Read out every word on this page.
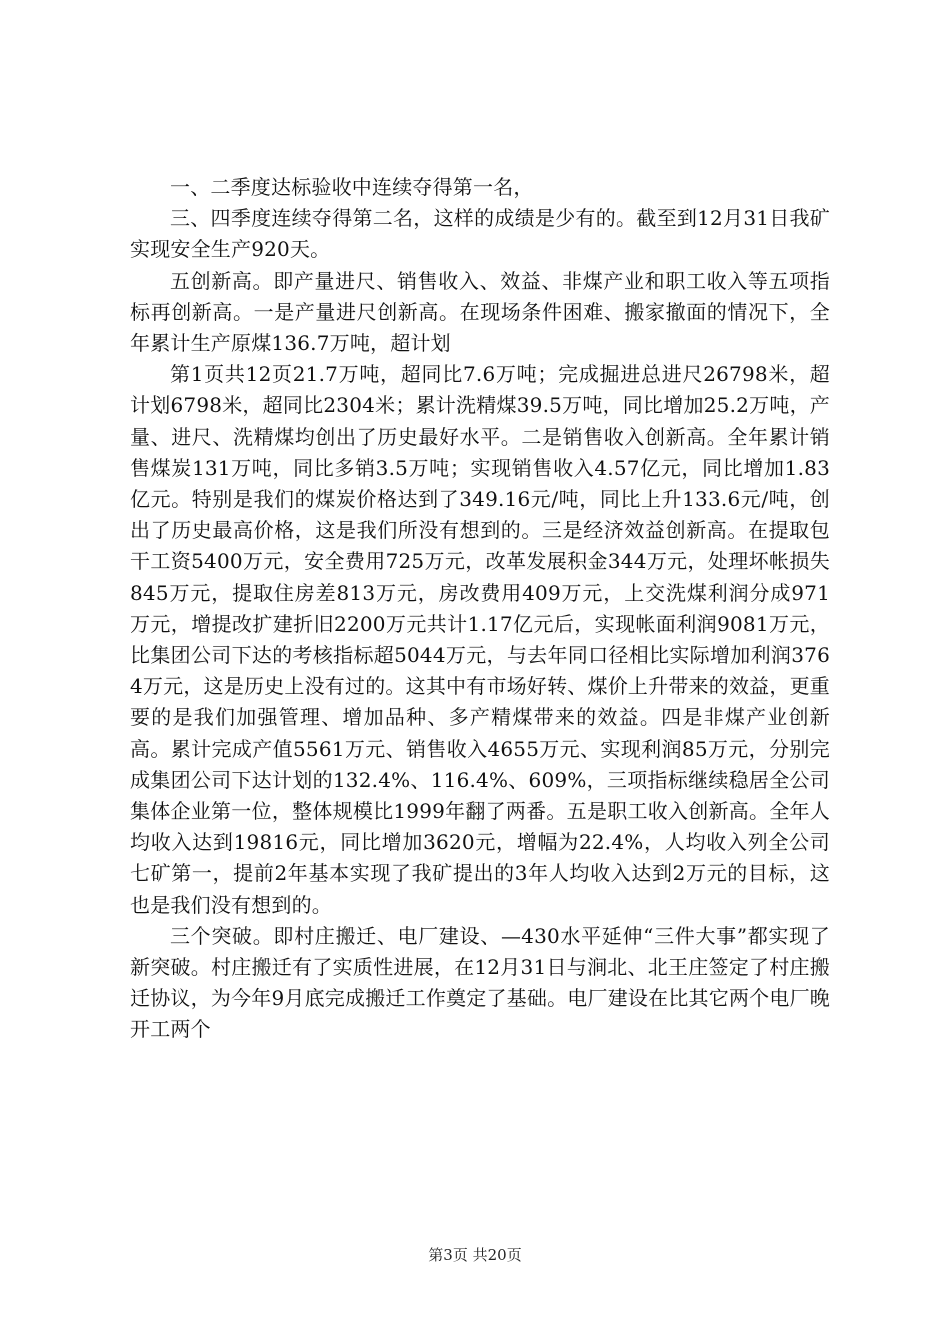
一、二季度达标验收中连续夺得第一名，

三、四季度连续夺得第二名，这样的成绩是少有的。截至到12月31日我矿实现安全生产920天。

五创新高。即产量进尺、销售收入、效益、非煤产业和职工收入等五项指标再创新高。一是产量进尺创新高。在现场条件困难、搬家撤面的情况下，全年累计生产原煤136.7万吨，超计划

第1页共12页21.7万吨，超同比7.6万吨；完成掘进总进尺26798米，超计划6798米，超同比2304米；累计洗精煤39.5万吨，同比增加25.2万吨，产量、进尺、洗精煤均创出了历史最好水平。二是销售收入创新高。全年累计销售煤炭131万吨，同比多销3.5万吨；实现销售收入4.57亿元，同比增加1.83亿元。特别是我们的煤炭价格达到了349.16元/吨，同比上升133.6元/吨，创出了历史最高价格，这是我们所没有想到的。三是经济效益创新高。在提取包干工资5400万元，安全费用725万元，改革发展积金344万元，处理坏帐损失845万元，提取住房差813万元，房改费用409万元，上交洗煤利润分成971万元，增提改扩建折旧2200万元共计1.17亿元后，实现帐面利润9081万元，比集团公司下达的考核指标超5044万元，与去年同口径相比实际增加利润3764万元，这是历史上没有过的。这其中有市场好转、煤价上升带来的效益，更重要的是我们加强管理、增加品种、多产精煤带来的效益。四是非煤产业创新高。累计完成产值5561万元、销售收入4655万元、实现利润85万元，分别完成集团公司下达计划的132.4%、116.4%、609%，三项指标继续稳居全公司集体企业第一位，整体规模比1999年翻了两番。五是职工收入创新高。全年人均收入达到19816元，同比增加3620元，增幅为22.4%，人均收入列全公司七矿第一，提前2年基本实现了我矿提出的3年人均收入达到2万元的目标，这也是我们没有想到的。

三个突破。即村庄搬迁、电厂建设、—430水平延伸“三件大事”都实现了新突破。村庄搬迁有了实质性进展，在12月31日与涧北、北王庄签定了村庄搬迁协议，为今年9月底完成搬迁工作奠定了基础。电厂建设在比其它两个电厂晚开工两个

第3页 共20页
